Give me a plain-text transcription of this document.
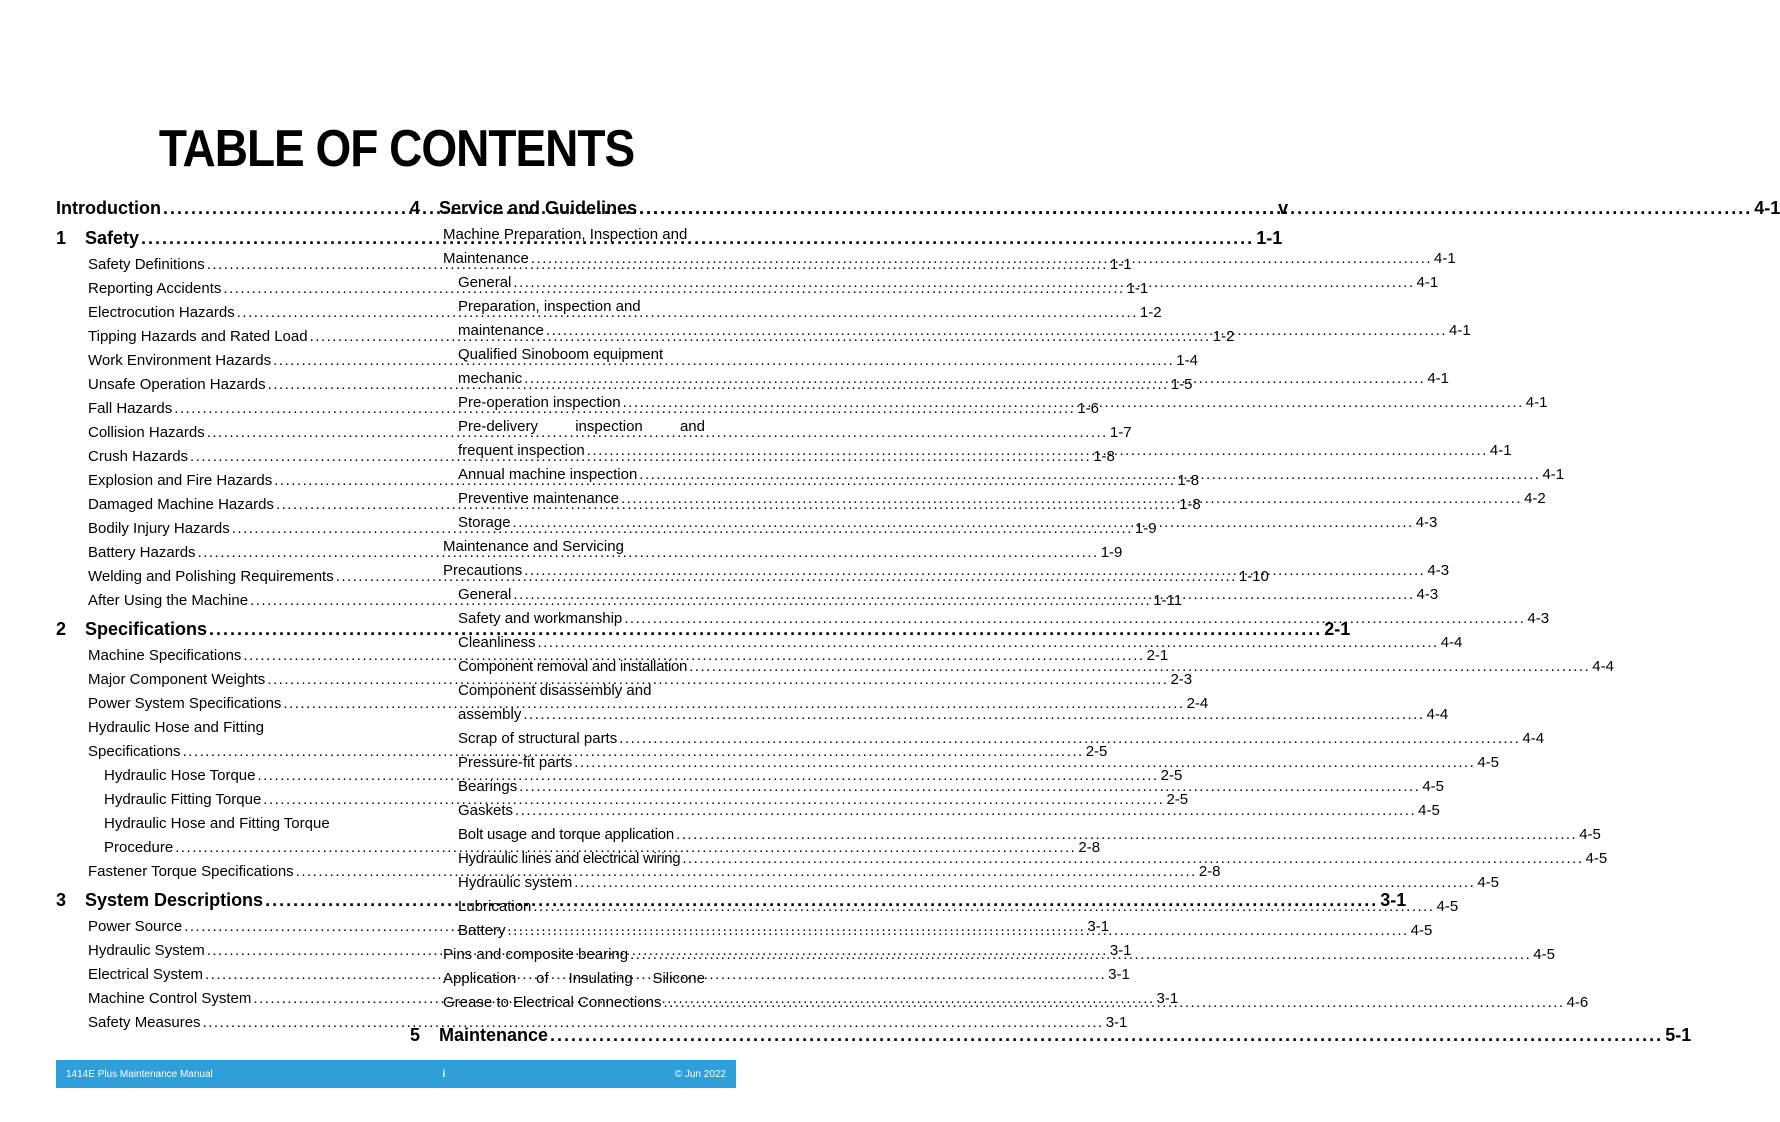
TABLE OF CONTENTS
Introduction .....	v
1 Safety .....	1-1
Safety Definitions .....	1-1
Reporting Accidents .....	1-1
Electrocution Hazards .....	1-2
Tipping Hazards and Rated Load .....	1-2
Work Environment Hazards .....	1-4
Unsafe Operation Hazards .....	1-5
Fall Hazards .....	1-6
Collision Hazards .....	1-7
Crush Hazards .....	1-8
Explosion and Fire Hazards .....	1-8
Damaged Machine Hazards .....	1-8
Bodily Injury Hazards .....	1-9
Battery Hazards .....	1-9
Welding and Polishing Requirements .....	1-10
After Using the Machine .....	1-11
2 Specifications .....	2-1
Machine Specifications .....	2-1
Major Component Weights .....	2-3
Power System Specifications .....	2-4
Hydraulic Hose and Fitting
Specifications .....	2-5
Hydraulic Hose Torque .....	2-5
Hydraulic Fitting Torque .....	2-5
Hydraulic Hose and Fitting Torque
Procedure .....	2-8
Fastener Torque Specifications .....	2-8
3 System Descriptions .....	3-1
Power Source .....	3-1
Hydraulic System .....	3-1
Electrical System .....	3-1
Machine Control System .....	3-1
Safety Measures .....	3-1
4 Service and Guidelines .....	4-1
Machine Preparation, Inspection and
Maintenance .....	4-1
General .....	4-1
Preparation, inspection and
maintenance .....	4-1
Qualified Sinoboom equipment
mechanic .....	4-1
Pre-operation inspection .....	4-1
Pre-delivery inspection and
frequent inspection .....	4-1
Annual machine inspection .....	4-1
Preventive maintenance .....	4-2
Storage .....	4-3
Maintenance and Servicing
Precautions .....	4-3
General .....	4-3
Safety and workmanship .....	4-3
Cleanliness .....	4-4
Component removal and installation .....	4-4
Component disassembly and
assembly .....	4-4
Scrap of structural parts .....	4-4
Pressure-fit parts .....	4-5
Bearings .....	4-5
Gaskets .....	4-5
Bolt usage and torque application .....	4-5
Hydraulic lines and electrical wiring .....	4-5
Hydraulic system .....	4-5
Lubrication .....	4-5
Battery .....	4-5
Pins and composite bearing .....	4-5
Application of Insulating Silicone
Grease to Electrical Connections .....	4-6
5 Maintenance .....	5-1
1414E Plus Maintenance Manual	i	© Jun 2022
